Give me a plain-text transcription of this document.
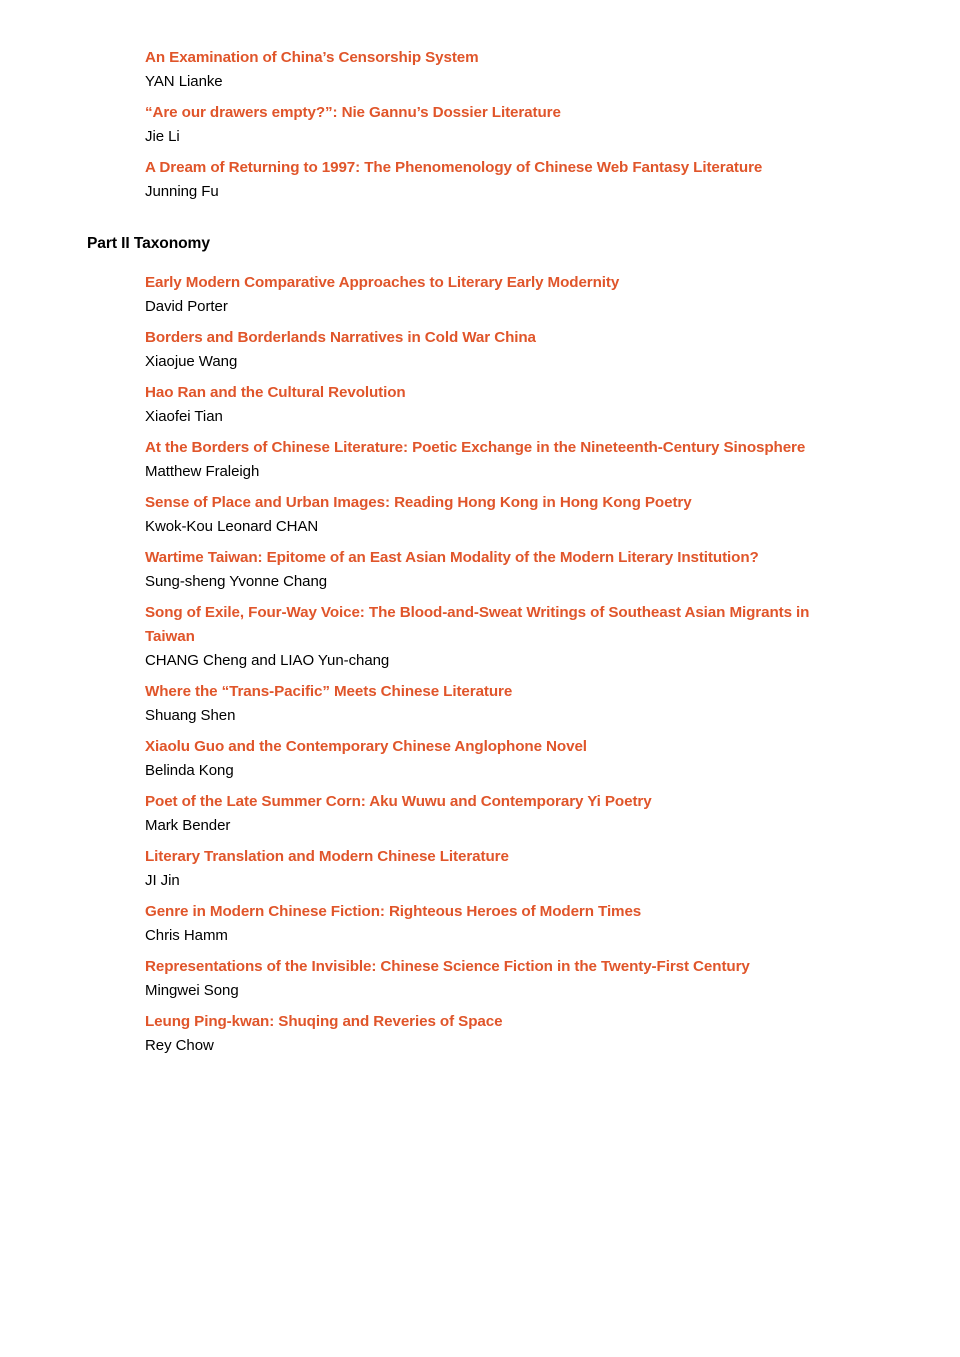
An Examination of China’s Censorship System
YAN Lianke
“Are our drawers empty?”: Nie Gannu’s Dossier Literature
Jie Li
A Dream of Returning to 1997: The Phenomenology of Chinese Web Fantasy Literature
Junning Fu
Part II Taxonomy
Early Modern Comparative Approaches to Literary Early Modernity
David Porter
Borders and Borderlands Narratives in Cold War China
Xiaojue Wang
Hao Ran and the Cultural Revolution
Xiaofei Tian
At the Borders of Chinese Literature: Poetic Exchange in the Nineteenth-Century Sinosphere
Matthew Fraleigh
Sense of Place and Urban Images: Reading Hong Kong in Hong Kong Poetry
Kwok-Kou Leonard CHAN
Wartime Taiwan: Epitome of an East Asian Modality of the Modern Literary Institution?
Sung-sheng Yvonne Chang
Song of Exile, Four-Way Voice: The Blood-and-Sweat Writings of Southeast Asian Migrants in Taiwan
CHANG Cheng and LIAO Yun-chang
Where the “Trans-Pacific” Meets Chinese Literature
Shuang Shen
Xiaolu Guo and the Contemporary Chinese Anglophone Novel
Belinda Kong
Poet of the Late Summer Corn: Aku Wuwu and Contemporary Yi Poetry
Mark Bender
Literary Translation and Modern Chinese Literature
JI Jin
Genre in Modern Chinese Fiction: Righteous Heroes of Modern Times
Chris Hamm
Representations of the Invisible: Chinese Science Fiction in the Twenty-First Century
Mingwei Song
Leung Ping-kwan: Shuqing and Reveries of Space
Rey Chow
